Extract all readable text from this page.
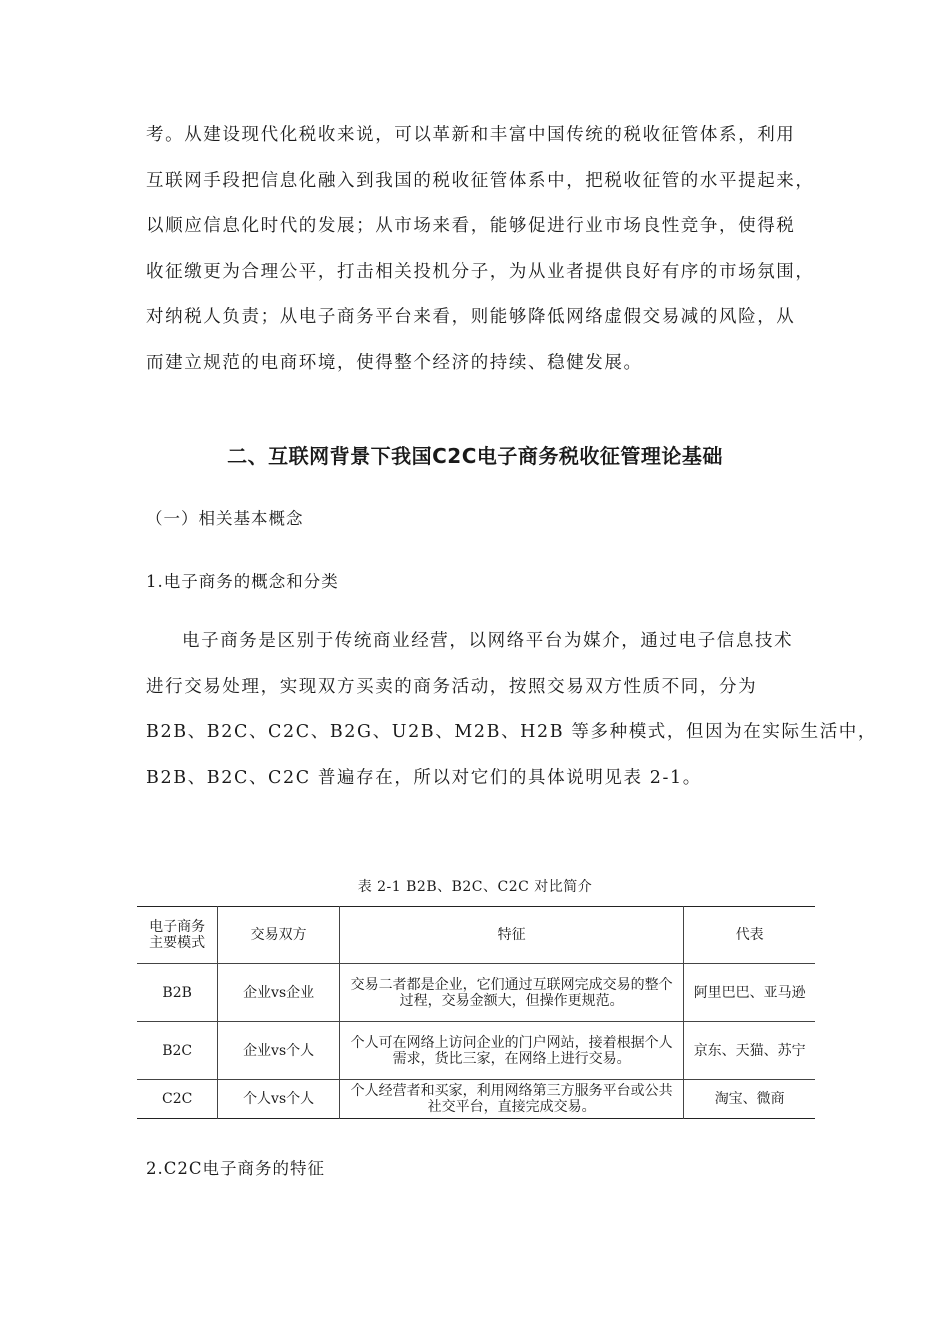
考。从建设现代化税收来说，可以革新和丰富中国传统的税收征管体系，利用
互联网手段把信息化融入到我国的税收征管体系中，把税收征管的水平提起来，
以顺应信息化时代的发展；从市场来看，能够促进行业市场良性竞争，使得税
收征缴更为合理公平，打击相关投机分子，为从业者提供良好有序的市场氛围，
对纳税人负责；从电子商务平台来看，则能够降低网络虚假交易减的风险，从
而建立规范的电商环境，使得整个经济的持续、稳健发展。
二、互联网背景下我国C2C电子商务税收征管理论基础
（一）相关基本概念
1.电子商务的概念和分类
电子商务是区别于传统商业经营，以网络平台为媒介，通过电子信息技术
进行交易处理，实现双方买卖的商务活动，按照交易双方性质不同，分为
B2B、B2C、C2C、B2G、U2B、M2B、H2B 等多种模式，但因为在实际生活中，
B2B、B2C、C2C 普遍存在，所以对它们的具体说明见表 2-1。
表 2-1 B2B、B2C、C2C 对比简介
电子商务主要模式	交易双方	特征	代表
B2B	企业vs企业	交易二者都是企业，它们通过互联网完成交易的整个过程，交易金额大，但操作更规范。	阿里巴巴、亚马逊
B2C	企业vs个人	个人可在网络上访问企业的门户网站，接着根据个人需求，货比三家，在网络上进行交易。	京东、天猫、苏宁
C2C	个人vs个人	个人经营者和买家，利用网络第三方服务平台或公共社交平台，直接完成交易。	淘宝、微商
2.C2C电子商务的特征
